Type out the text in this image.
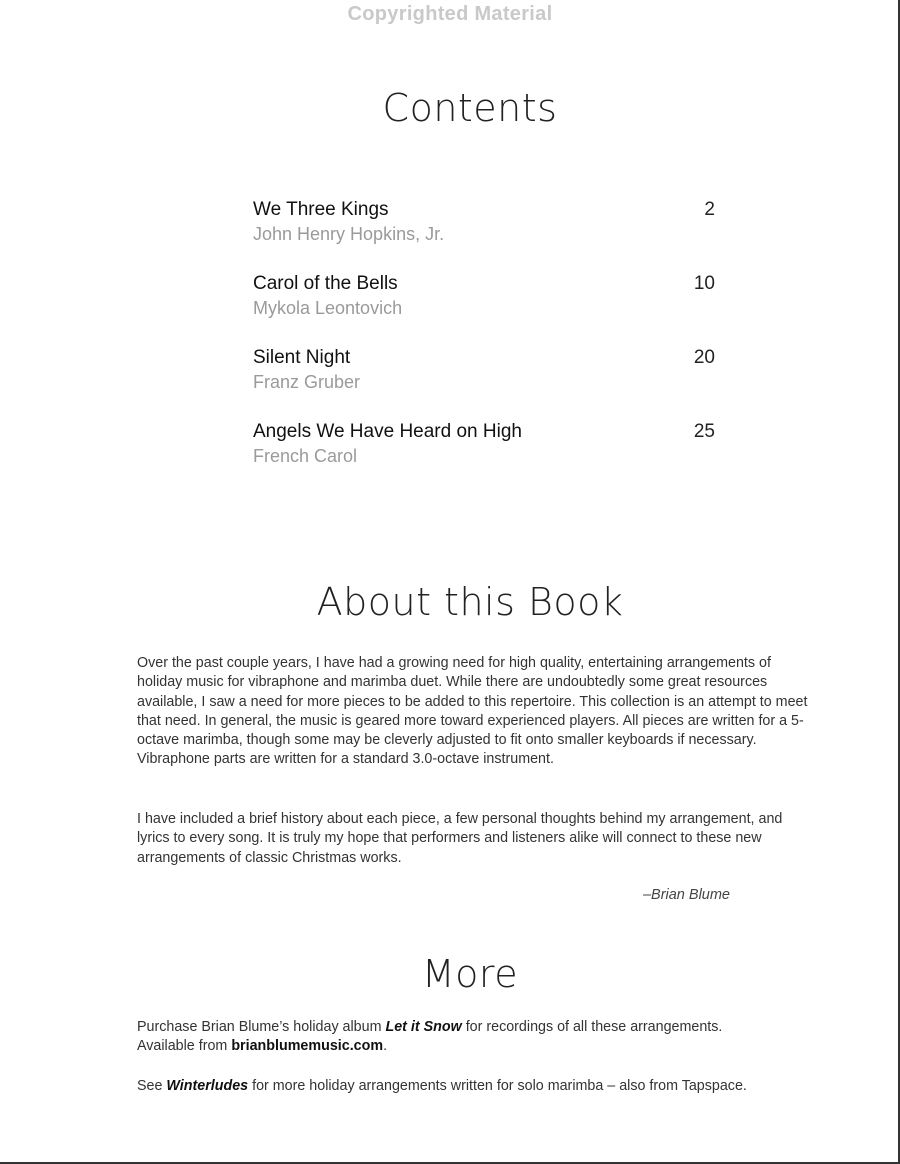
Copyrighted Material
Contents
We Three Kings
John Henry Hopkins, Jr.
2
Carol of the Bells
Mykola Leontovich
10
Silent Night
Franz Gruber
20
Angels We Have Heard on High
French Carol
25
About this Book
Over the past couple years, I have had a growing need for high quality, entertaining arrangements of holiday music for vibraphone and marimba duet. While there are undoubtedly some great resources available, I saw a need for more pieces to be added to this repertoire. This collection is an attempt to meet that need. In general, the music is geared more toward experienced players. All pieces are written for a 5-octave marimba, though some may be cleverly adjusted to fit onto smaller keyboards if necessary. Vibraphone parts are written for a standard 3.0-octave instrument.
I have included a brief history about each piece, a few personal thoughts behind my arrangement, and lyrics to every song. It is truly my hope that performers and listeners alike will connect to these new arrangements of classic Christmas works.
–Brian Blume
More
Purchase Brian Blume’s holiday album Let it Snow for recordings of all these arrangements.
Available from brianblumemusic.com.
See Winterludes for more holiday arrangements written for solo marimba – also from Tapspace.
